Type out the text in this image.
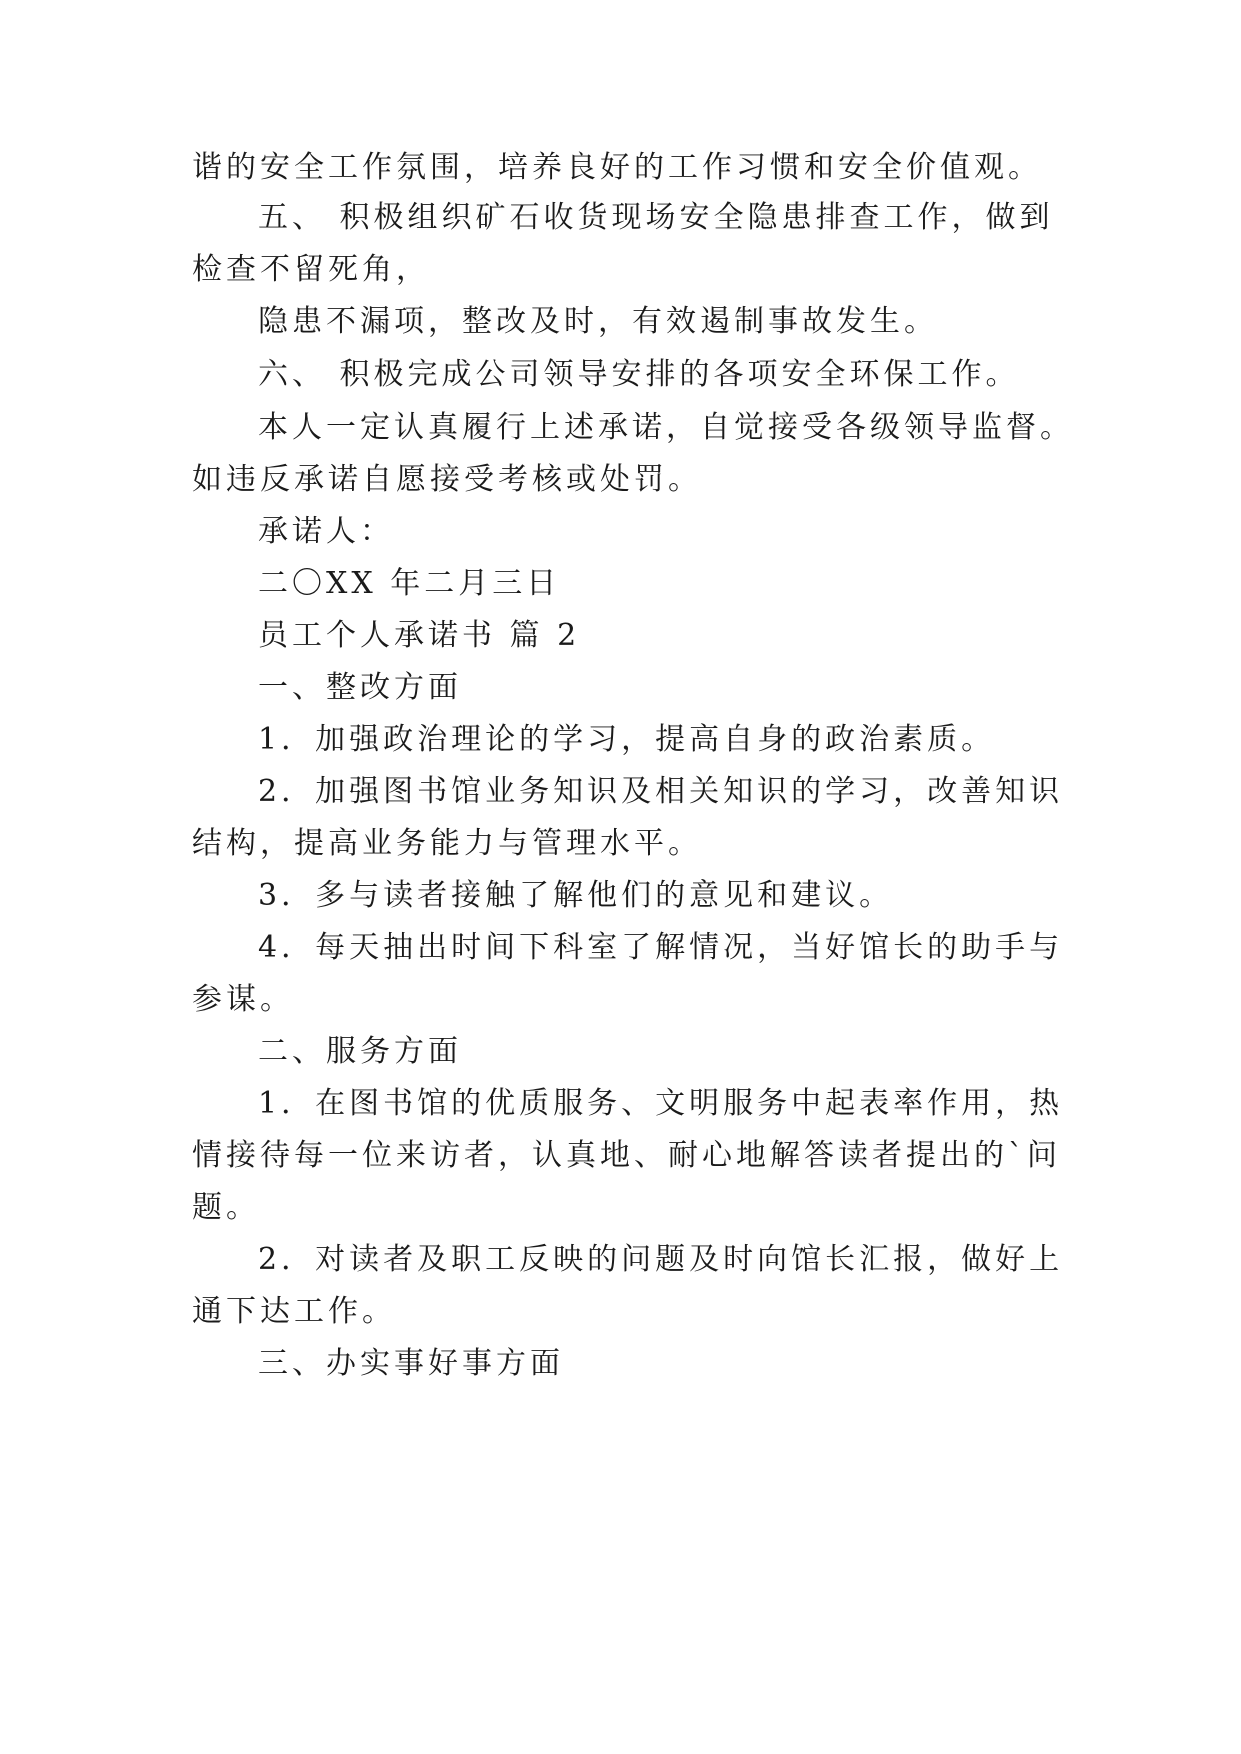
谐的安全工作氛围，培养良好的工作习惯和安全价值观。
五、 积极组织矿石收货现场安全隐患排查工作，做到
检查不留死角，
隐患不漏项，整改及时，有效遏制事故发生。
六、 积极完成公司领导安排的各项安全环保工作。
本人一定认真履行上述承诺，自觉接受各级领导监督。
如违反承诺自愿接受考核或处罚。
承诺人：
二〇XX 年二月三日
员工个人承诺书 篇 2
一、整改方面
1．加强政治理论的学习，提高自身的政治素质。
2．加强图书馆业务知识及相关知识的学习，改善知识
结构，提高业务能力与管理水平。
3．多与读者接触了解他们的意见和建议。
4．每天抽出时间下科室了解情况，当好馆长的助手与
参谋。
二、服务方面
1．在图书馆的优质服务、文明服务中起表率作用，热
情接待每一位来访者，认真地、耐心地解答读者提出的`问
题。
2．对读者及职工反映的问题及时向馆长汇报，做好上
通下达工作。
三、办实事好事方面
